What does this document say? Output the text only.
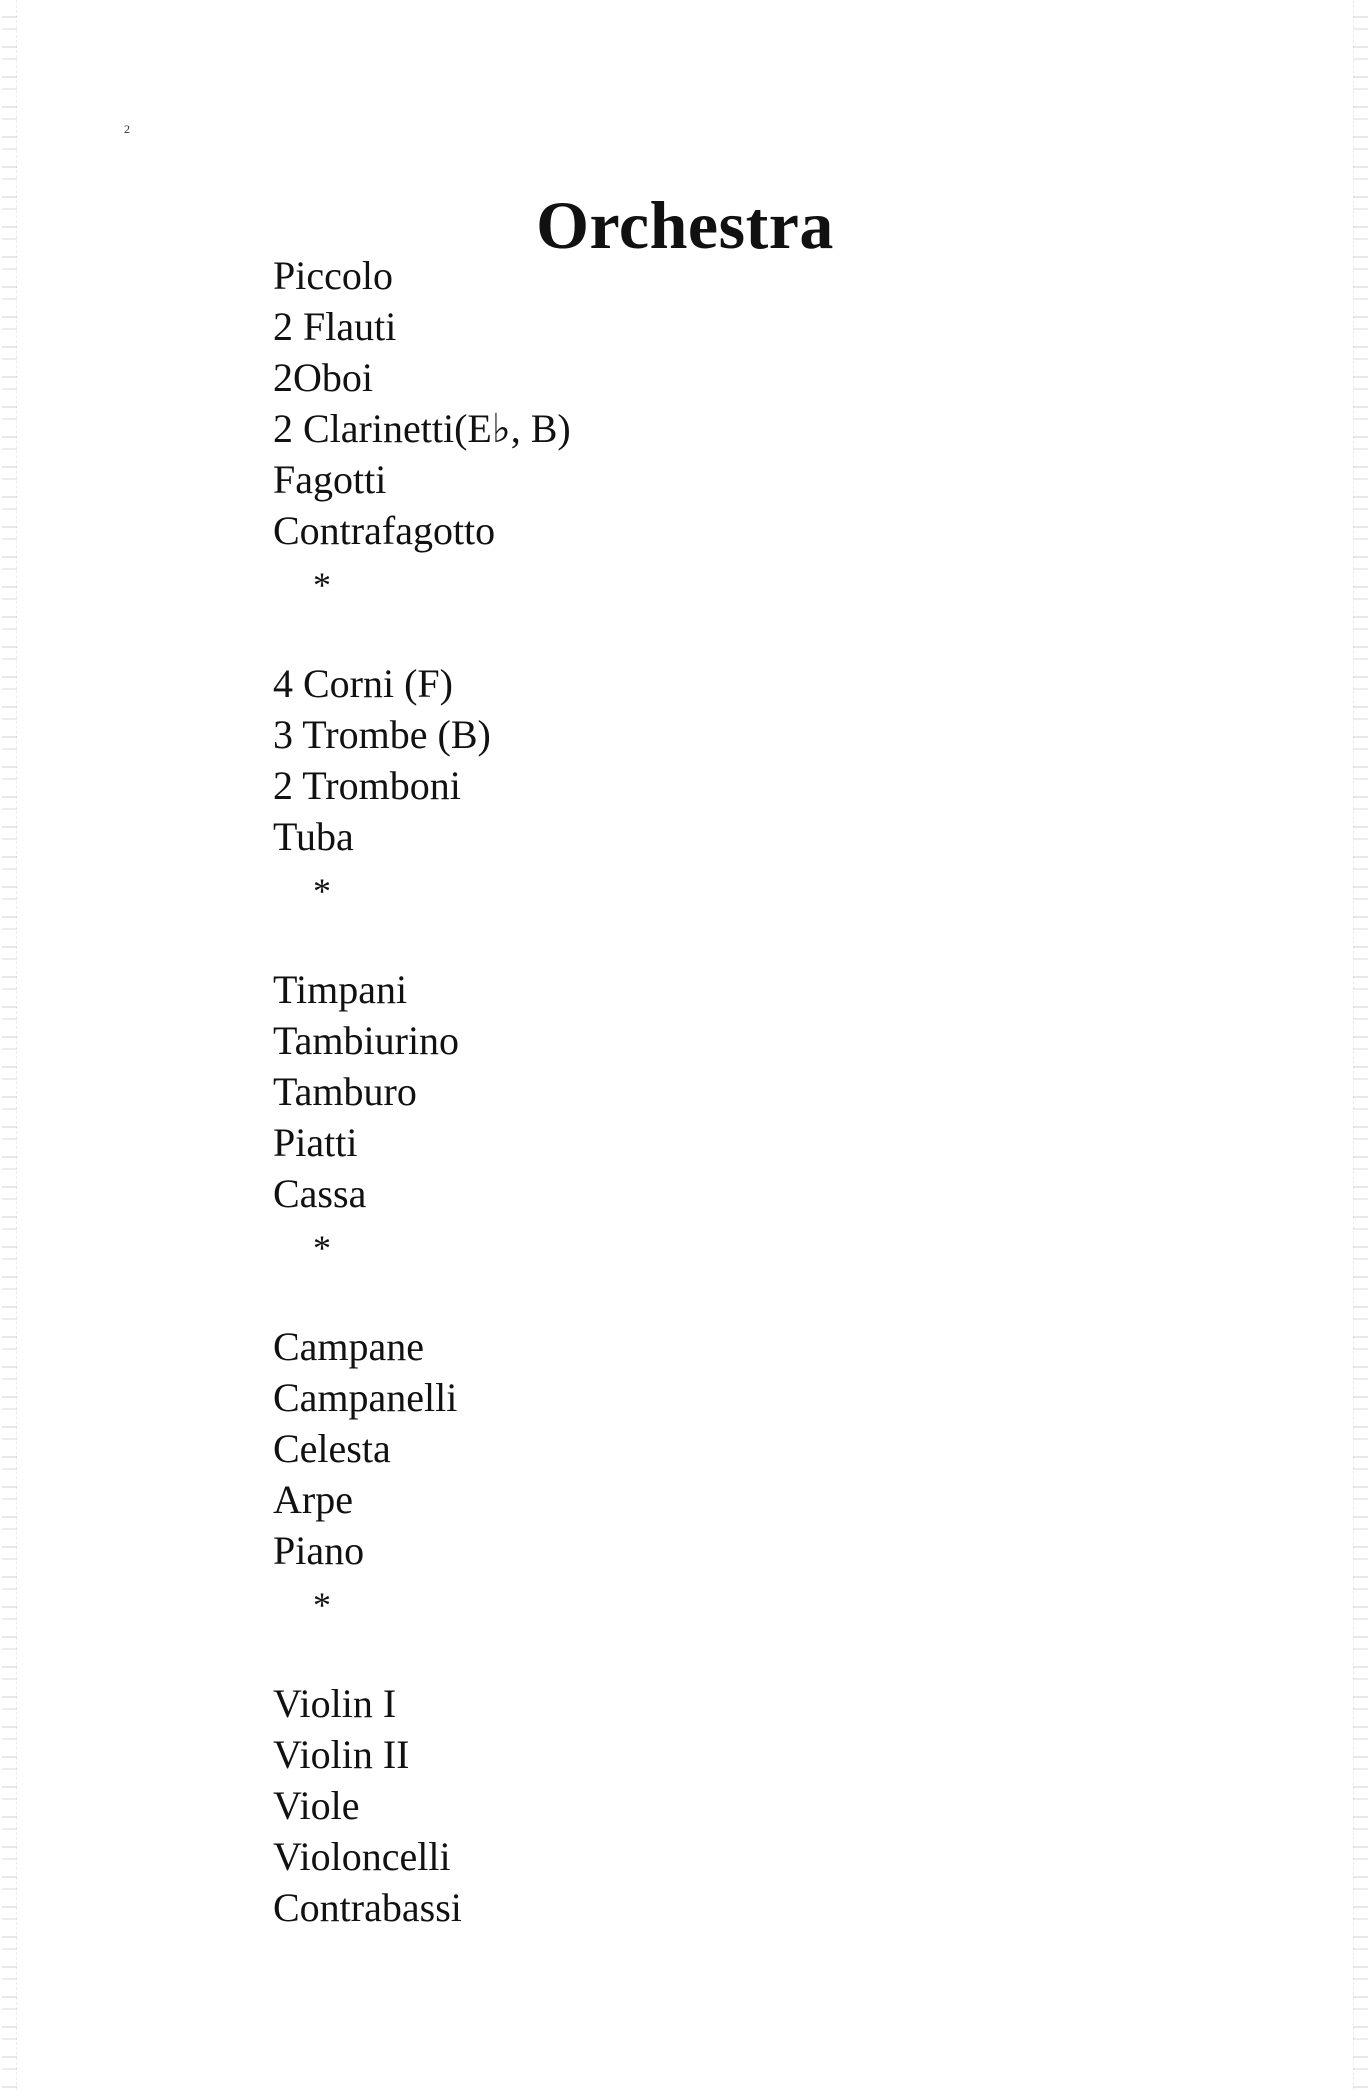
2
Orchestra
Piccolo
2 Flauti
2Oboi
2 Clarinetti(E♭, B)
Fagotti
Contrafagotto
*
4 Corni (F)
3 Trombe (B)
2 Tromboni
Tuba
*
Timpani
Tambiurino
Tamburo
Piatti
Cassa
*
Campane
Campanelli
Celesta
Arpe
Piano
*
Violin I
Violin II
Viole
Violoncelli
Contrabassi
